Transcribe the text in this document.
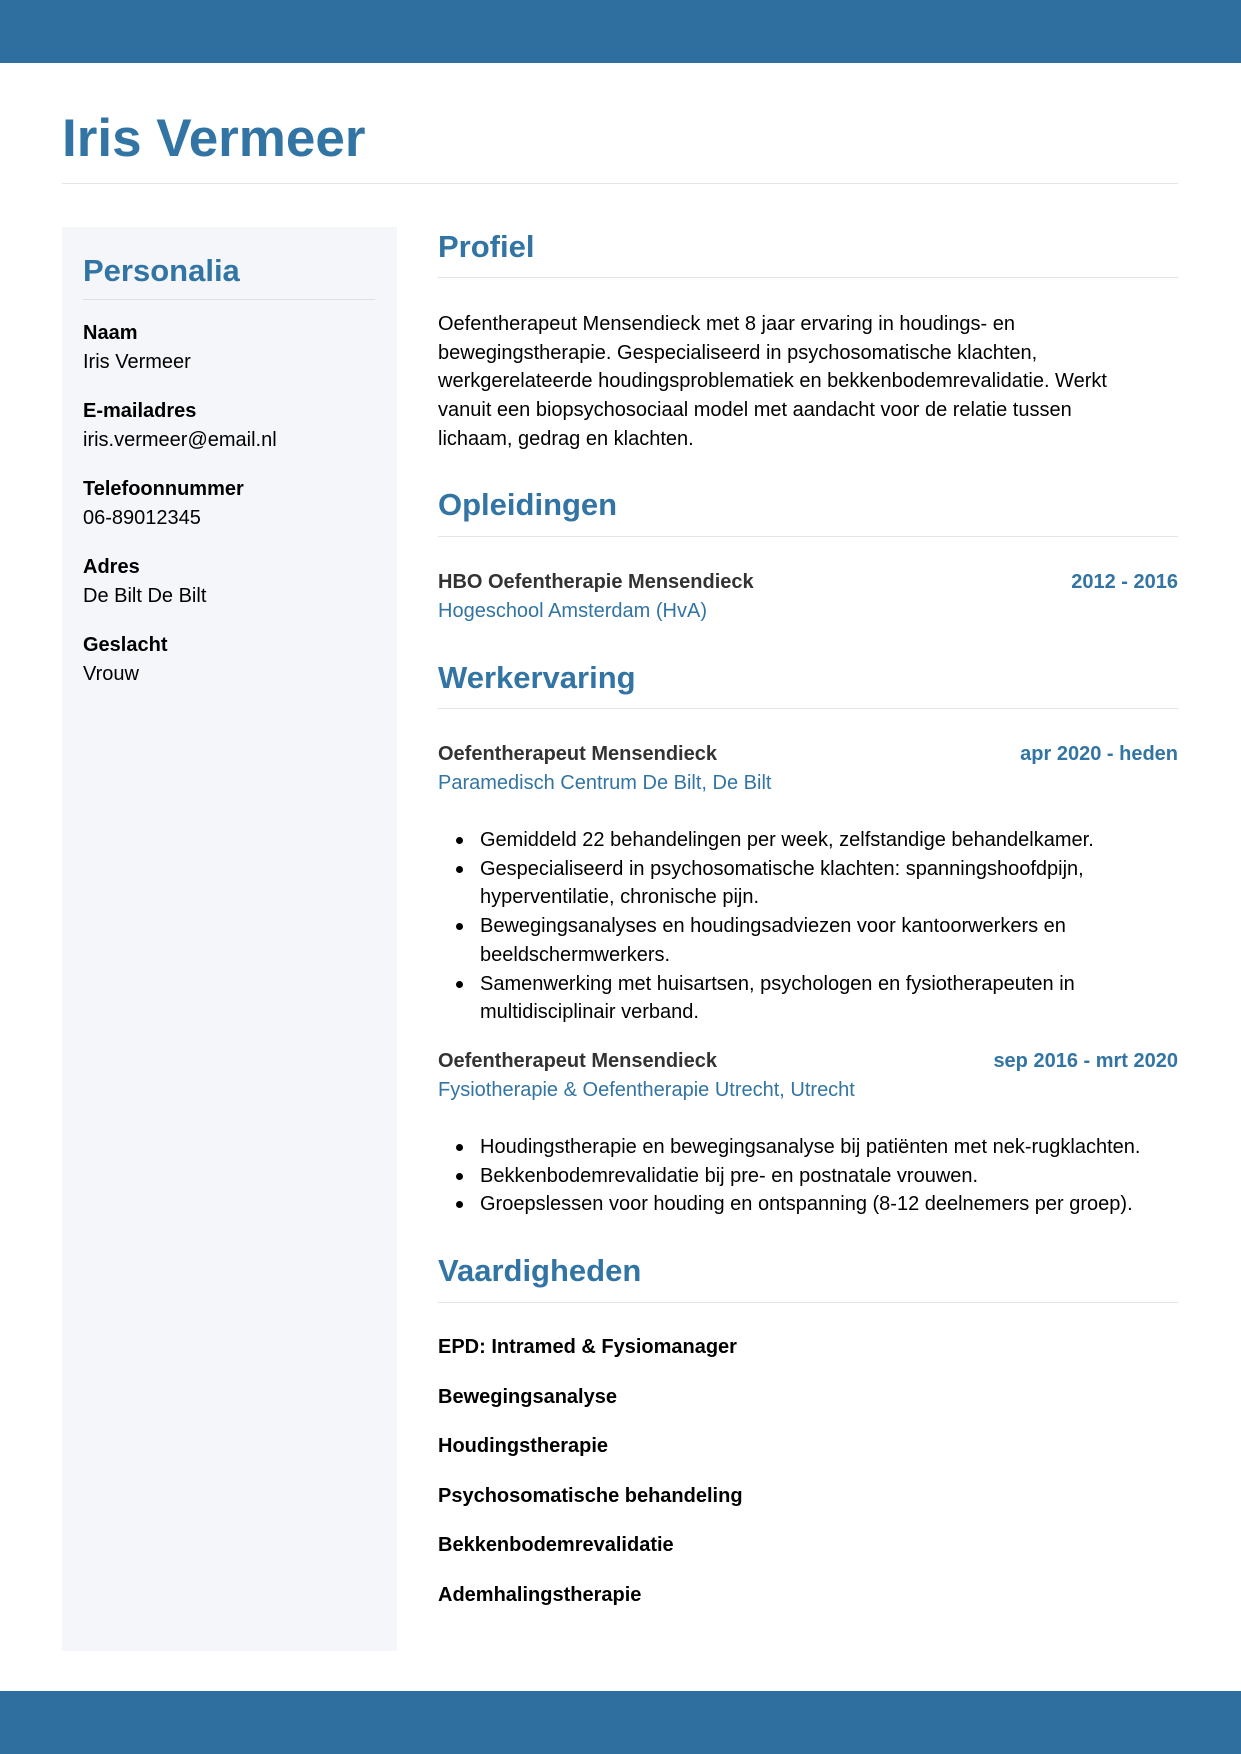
Iris Vermeer
Personalia
Naam
Iris Vermeer
E-mailadres
iris.vermeer@email.nl
Telefoonnummer
06-89012345
Adres
De Bilt De Bilt
Geslacht
Vrouw
Profiel
Oefentherapeut Mensendieck met 8 jaar ervaring in houdings- en
bewegingstherapie. Gespecialiseerd in psychosomatische klachten,
werkgerelateerde houdingsproblematiek en bekkenbodemrevalidatie. Werkt
vanuit een biopsychosociaal model met aandacht voor de relatie tussen
lichaam, gedrag en klachten.
Opleidingen
HBO Oefentherapie Mensendieck	2012 - 2016
Hogeschool Amsterdam (HvA)
Werkervaring
Oefentherapeut Mensendieck	apr 2020 - heden
Paramedisch Centrum De Bilt, De Bilt
Gemiddeld 22 behandelingen per week, zelfstandige behandelkamer.
Gespecialiseerd in psychosomatische klachten: spanningshoofdpijn,
hyperventilatie, chronische pijn.
Bewegingsanalyses en houdingsadviezen voor kantoorwerkers en
beeldschermwerkers.
Samenwerking met huisartsen, psychologen en fysiotherapeuten in
multidisciplinair verband.
Oefentherapeut Mensendieck	sep 2016 - mrt 2020
Fysiotherapie & Oefentherapie Utrecht, Utrecht
Houdingstherapie en bewegingsanalyse bij patiënten met nek-rugklachten.
Bekkenbodemrevalidatie bij pre- en postnatale vrouwen.
Groepslessen voor houding en ontspanning (8-12 deelnemers per groep).
Vaardigheden
EPD: Intramed & Fysiomanager
Bewegingsanalyse
Houdingstherapie
Psychosomatische behandeling
Bekkenbodemrevalidatie
Ademhalingstherapie
